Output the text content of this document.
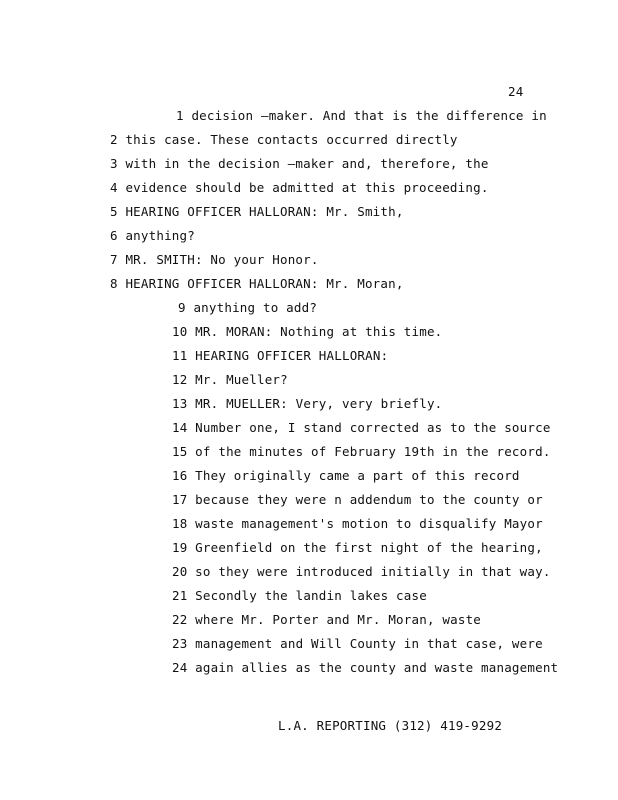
24
1 decision —maker. And that is the difference in
2 this case. These contacts occurred directly
3 with in the decision —maker and, therefore, the
4 evidence should be admitted at this proceeding.
5 HEARING OFFICER HALLORAN: Mr. Smith,
6 anything?
7 MR. SMITH: No your Honor.
8 HEARING OFFICER HALLORAN: Mr. Moran,
9 anything to add?
10 MR. MORAN: Nothing at this time.
11 HEARING OFFICER HALLORAN:
12 Mr. Mueller?
13 MR. MUELLER: Very, very briefly.
14 Number one, I stand corrected as to the source
15 of the minutes of February 19th in the record.
16 They originally came a part of this record
17 because they were n addendum to the county or
18 waste management's motion to disqualify Mayor
19 Greenfield on the first night of the hearing,
20 so they were introduced initially in that way.
21 Secondly the landin lakes case
22 where Mr. Porter and Mr. Moran, waste
23 management and Will County in that case, were
24 again allies as the county and waste management
L.A. REPORTING (312) 419-9292
